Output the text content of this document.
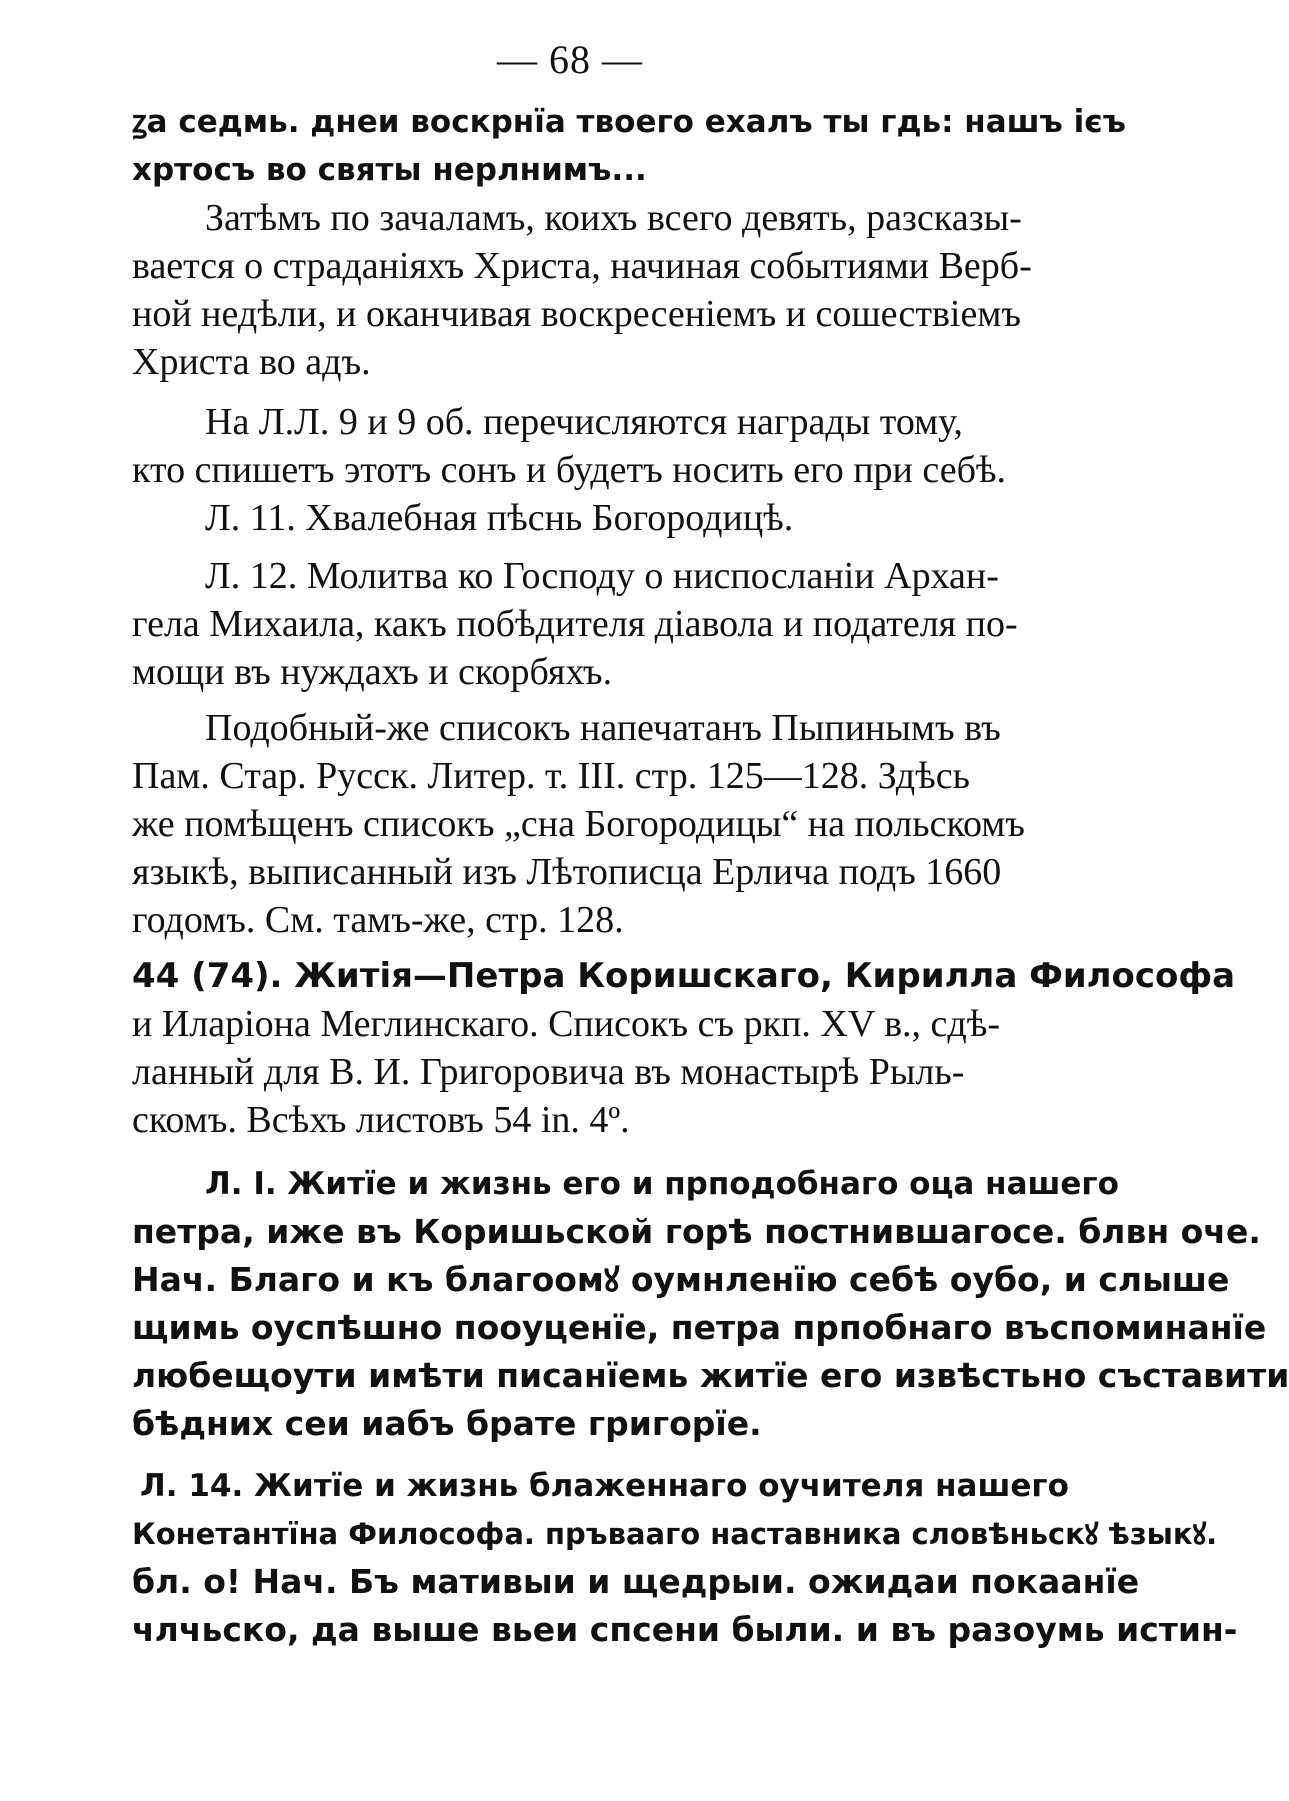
— 68 —
ꙁа седмь. днеи воскрнїа твоего ехалъ ты гдь: нашъ ієъ
хртосъ во святы нерлнимъ...
Затѣмъ по зачаламъ, коихъ всего девять, разсказы-
вается о страданiяхъ Христа, начиная событиями Верб-
ной недѣли, и оканчивая воскресенiемъ и сошествiемъ
Христа во адъ.
На Л.Л. 9 и 9 об. перечисляются награды тому,
кто спишетъ этотъ сонъ и будетъ носить его при себѣ.
Л. 11. Хвалебная пѣснь Богородицѣ.
Л. 12. Молитва ко Господу о ниспосланiи Архан-
гела Михаила, какъ побѣдителя дiавола и подателя по-
мощи въ нуждахъ и скорбяхъ.
Подобный-же списокъ напечатанъ Пыпинымъ въ
Пам. Стар. Русск. Литер. т. III. стр. 125—128. Здѣсь
же помѣщенъ списокъ „сна Богородицы“ на польскомъ
языкѣ, выписанный изъ Лѣтописца Ерлича подъ 1660
годомъ. См. тамъ-же, стр. 128.
44 (74). Житiя—Петра Коришскаго, Кирилла Философа
и Иларiона Меглинскаго. Списокъ съ ркп. XV в., сдѣ-
ланный для В. И. Григоровича въ монастырѣ Рыль-
скомъ. Всѣхъ листовъ 54 in. 4º.
Л. I. Житїе и жизнь его и прподобнаго оца нашего
петра, иже въ Коришьской горѣ постнившагосе. блвн оче.
Нач. Благо и къ благоомꙋ оумнленїю себѣ оубо, и слыше
щимь оуспѣшно пооуценїе, петра прпобнаго въспоминанїе
любещоути имѣти писанїемь житїе его извѣстьно съставити
бѣдних сеи иабъ брате григорїе.
Л. 14. Житїе и жизнь блаженнаго оучителя нашего
Конетантїна Философа. пръвааго наставника словѣньскꙋ ѣзыкꙋ.
бл. о! Нач. Бъ мативыи и щедрыи. ожидаи покаанїе
члчьско, да выше вьеи спсени были. и въ разоумь истин-
